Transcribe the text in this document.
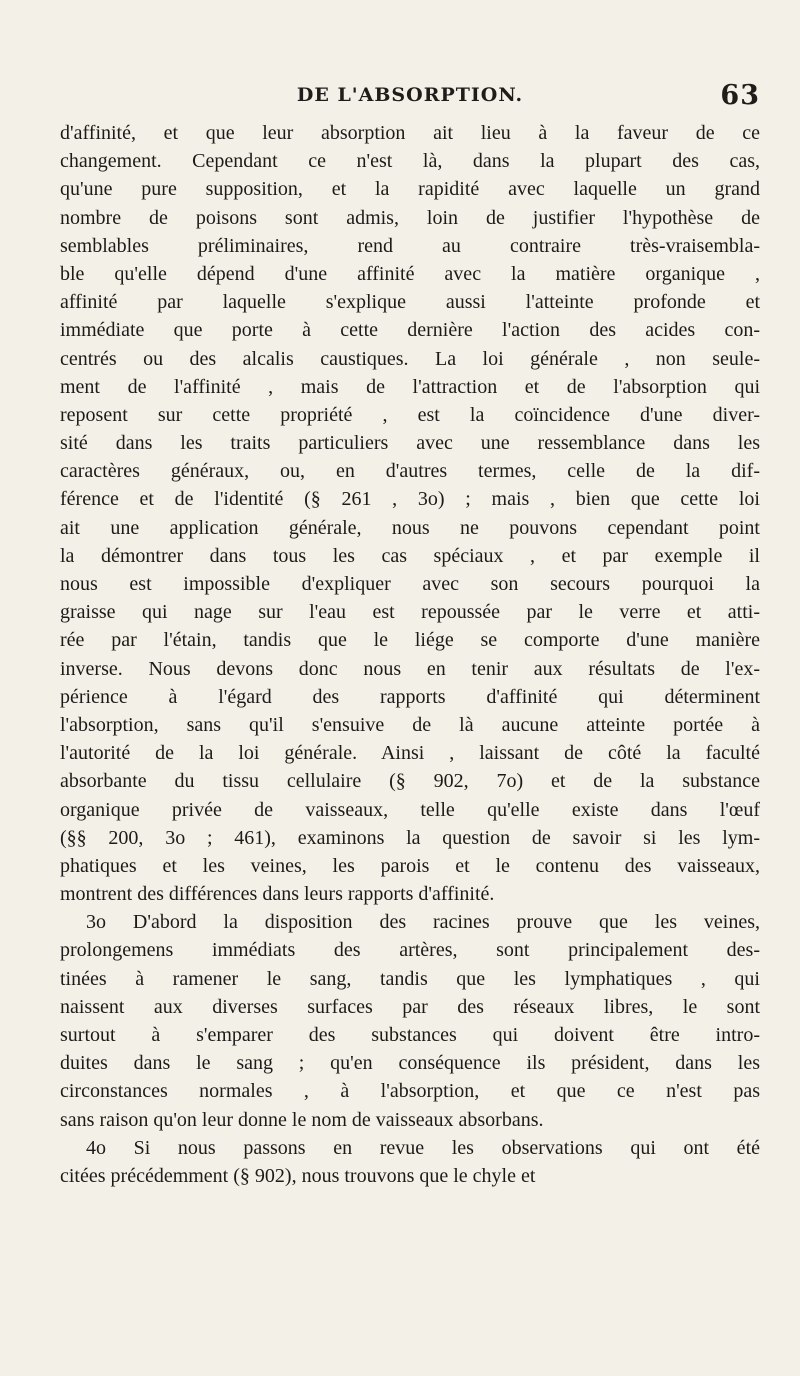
DE L'ABSORPTION.	63
d'affinité, et que leur absorption ait lieu à la faveur de ce
changement. Cependant ce n'est là, dans la plupart des cas,
qu'une pure supposition, et la rapidité avec laquelle un grand
nombre de poisons sont admis, loin de justifier l'hypothèse de
semblables préliminaires, rend au contraire très-vraisembla-
ble qu'elle dépend d'une affinité avec la matière organique ,
affinité par laquelle s'explique aussi l'atteinte profonde et
immédiate que porte à cette dernière l'action des acides con-
centrés ou des alcalis caustiques. La loi générale , non seule-
ment de l'affinité , mais de l'attraction et de l'absorption qui
reposent sur cette propriété , est la coïncidence d'une diver-
sité dans les traits particuliers avec une ressemblance dans les
caractères généraux, ou, en d'autres termes, celle de la dif-
férence et de l'identité (§ 261 , 3o) ; mais , bien que cette loi
ait une application générale, nous ne pouvons cependant point
la démontrer dans tous les cas spéciaux , et par exemple il
nous est impossible d'expliquer avec son secours pourquoi la
graisse qui nage sur l'eau est repoussée par le verre et atti-
rée par l'étain, tandis que le liége se comporte d'une manière
inverse. Nous devons donc nous en tenir aux résultats de l'ex-
périence à l'égard des rapports d'affinité qui déterminent
l'absorption, sans qu'il s'ensuive de là aucune atteinte portée à
l'autorité de la loi générale. Ainsi , laissant de côté la faculté
absorbante du tissu cellulaire (§ 902, 7o) et de la substance
organique privée de vaisseaux, telle qu'elle existe dans l'œuf
(§§ 200, 3o ; 461), examinons la question de savoir si les lym-
phatiques et les veines, les parois et le contenu des vaisseaux,
montrent des différences dans leurs rapports d'affinité.
3o D'abord la disposition des racines prouve que les veines,
prolongemens immédiats des artères, sont principalement des-
tinées à ramener le sang, tandis que les lymphatiques , qui
naissent aux diverses surfaces par des réseaux libres, le sont
surtout à s'emparer des substances qui doivent être intro-
duites dans le sang ; qu'en conséquence ils président, dans les
circonstances normales , à l'absorption, et que ce n'est pas
sans raison qu'on leur donne le nom de vaisseaux absorbans.
4o Si nous passons en revue les observations qui ont été
citées précédemment (§ 902), nous trouvons que le chyle et
